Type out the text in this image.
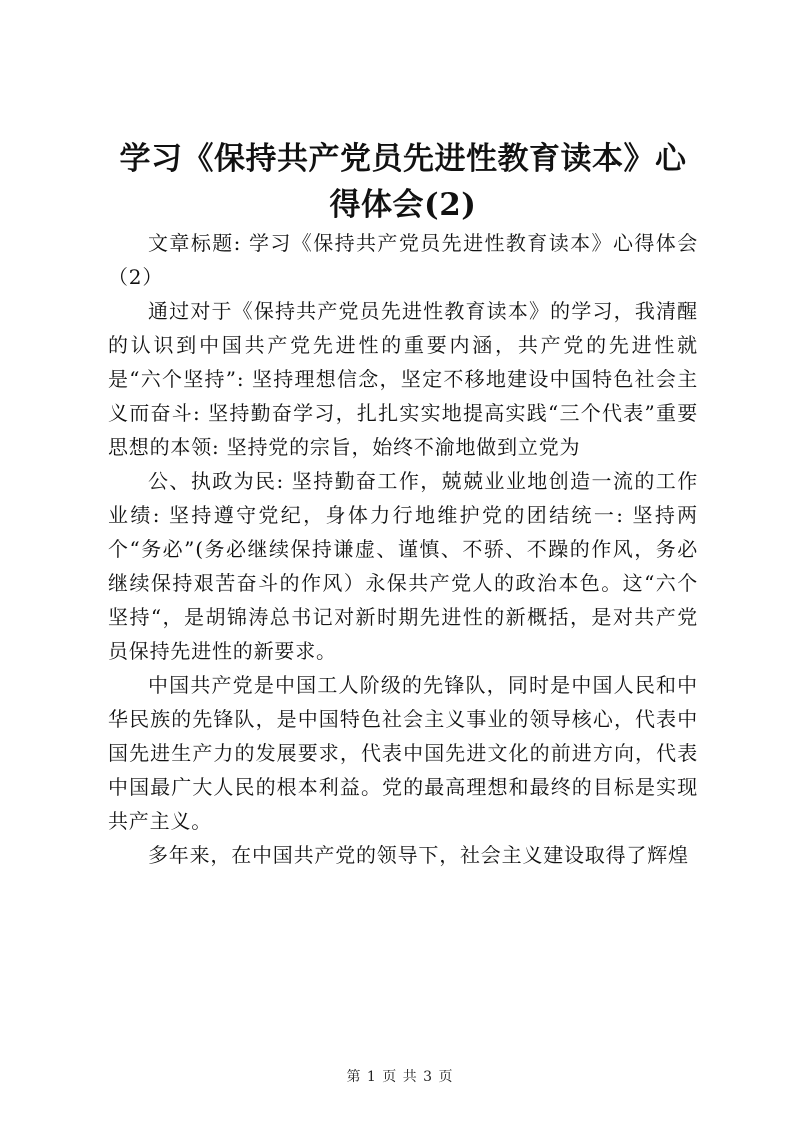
学习《保持共产党员先进性教育读本》心得体会(2)

文章标题: 学习《保持共产党员先进性教育读本》心得体会（2）

通过对于《保持共产党员先进性教育读本》的学习，我清醒的认识到中国共产党先进性的重要内涵，共产党的先进性就是“六个坚持”: 坚持理想信念，坚定不移地建设中国特色社会主义而奋斗: 坚持勤奋学习，扎扎实实地提高实践“三个代表”重要思想的本领: 坚持党的宗旨，始终不渝地做到立党为

公、执政为民: 坚持勤奋工作，兢兢业业地创造一流的工作业绩: 坚持遵守党纪，身体力行地维护党的团结统一: 坚持两个“务必”(务必继续保持谦虚、谨慎、不骄、不躁的作风，务必继续保持艰苦奋斗的作风）永保共产党人的政治本色。这“六个坚持“，是胡锦涛总书记对新时期先进性的新概括，是对共产党员保持先进性的新要求。

中国共产党是中国工人阶级的先锋队，同时是中国人民和中华民族的先锋队，是中国特色社会主义事业的领导核心，代表中国先进生产力的发展要求，代表中国先进文化的前进方向，代表中国最广大人民的根本利益。党的最高理想和最终的目标是实现共产主义。

多年来，在中国共产党的领导下，社会主义建设取得了辉煌

第 1 页 共 3 页
